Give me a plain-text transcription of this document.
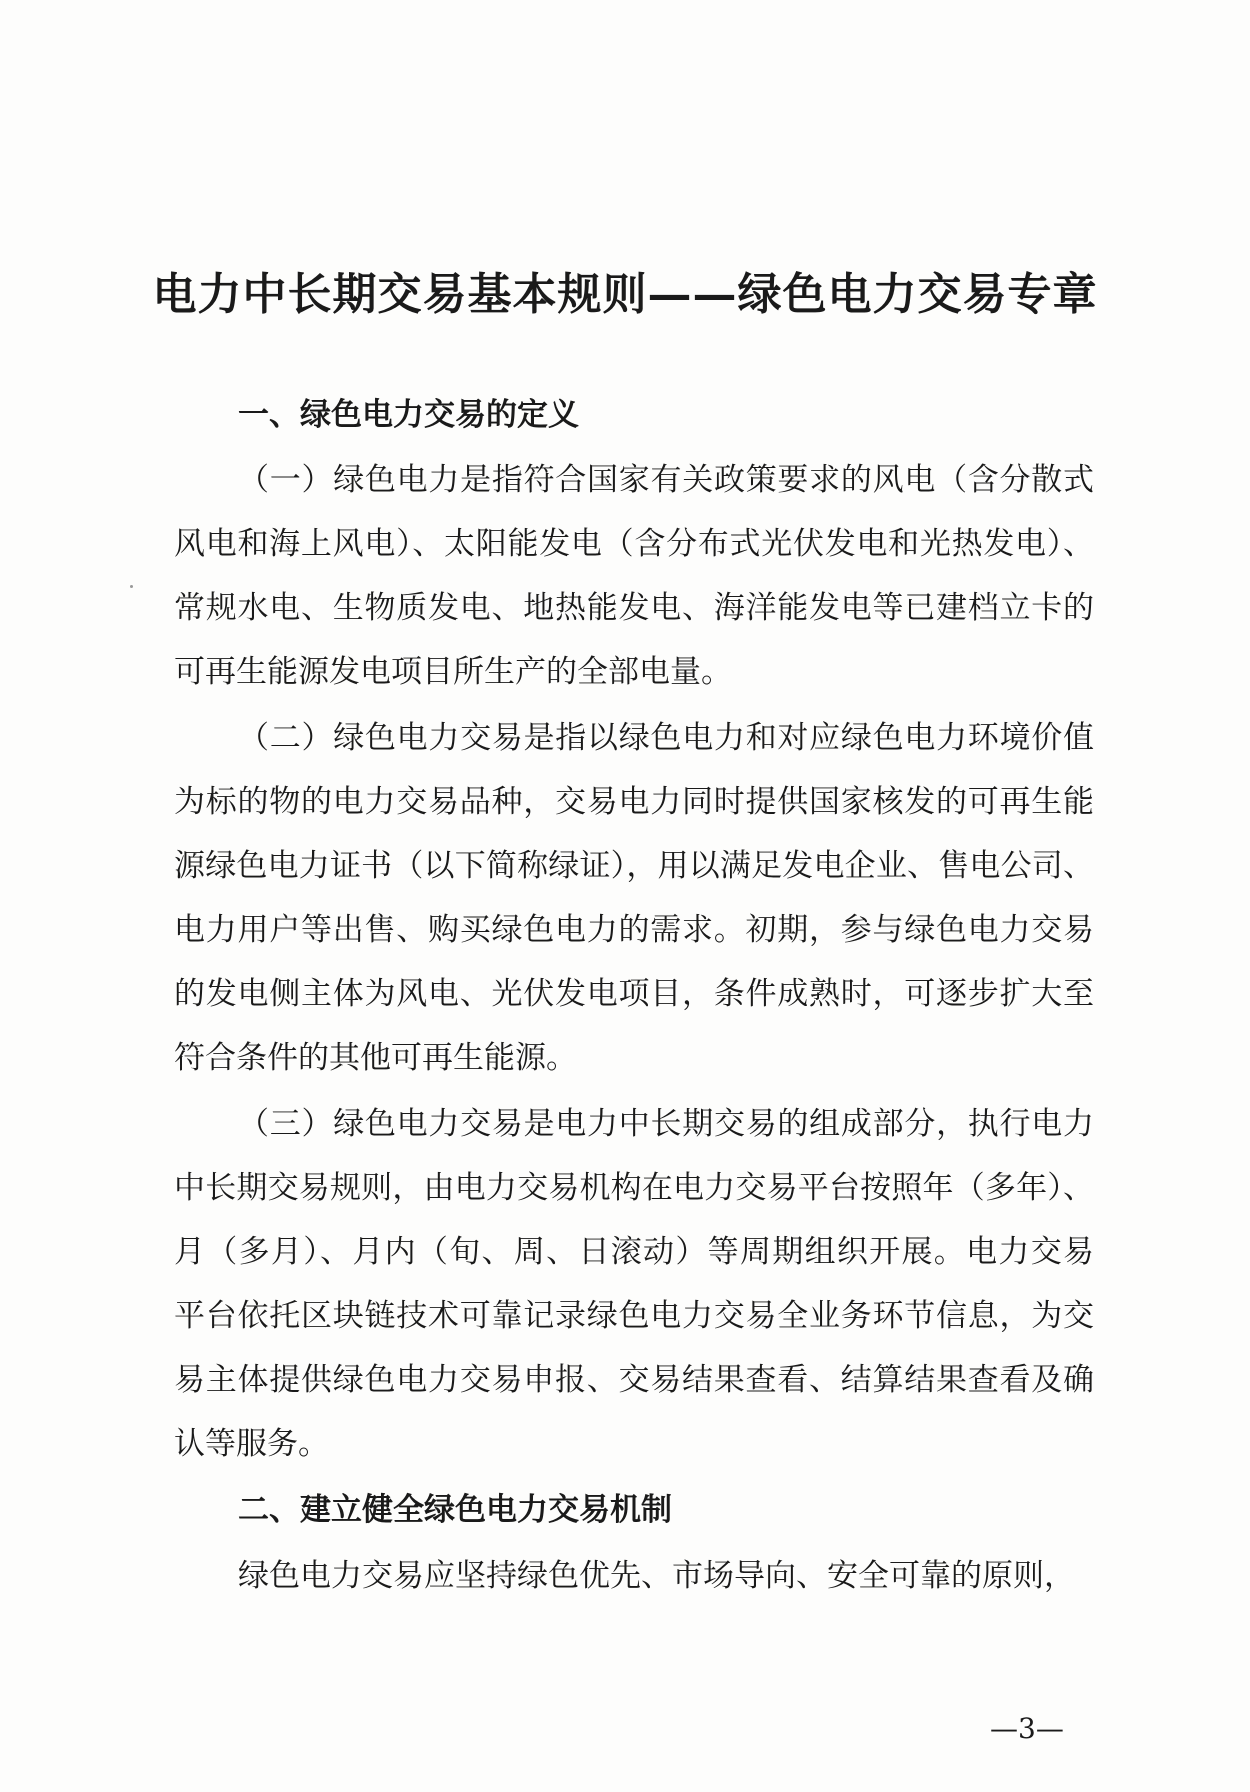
电力中长期交易基本规则——绿色电力交易专章
一、绿色电力交易的定义
（一）绿色电力是指符合国家有关政策要求的风电（含分散式
风电和海上风电）、太阳能发电（含分布式光伏发电和光热发电）、
常规水电、生物质发电、地热能发电、海洋能发电等已建档立卡的
可再生能源发电项目所生产的全部电量。
（二）绿色电力交易是指以绿色电力和对应绿色电力环境价值
为标的物的电力交易品种，交易电力同时提供国家核发的可再生能
源绿色电力证书（以下简称绿证），用以满足发电企业、售电公司、
电力用户等出售、购买绿色电力的需求。初期，参与绿色电力交易
的发电侧主体为风电、光伏发电项目，条件成熟时，可逐步扩大至
符合条件的其他可再生能源。
（三）绿色电力交易是电力中长期交易的组成部分，执行电力
中长期交易规则，由电力交易机构在电力交易平台按照年（多年）、
月（多月）、月内（旬、周、日滚动）等周期组织开展。电力交易
平台依托区块链技术可靠记录绿色电力交易全业务环节信息，为交
易主体提供绿色电力交易申报、交易结果查看、结算结果查看及确
认等服务。
二、建立健全绿色电力交易机制
绿色电力交易应坚持绿色优先、市场导向、安全可靠的原则，
—3—
